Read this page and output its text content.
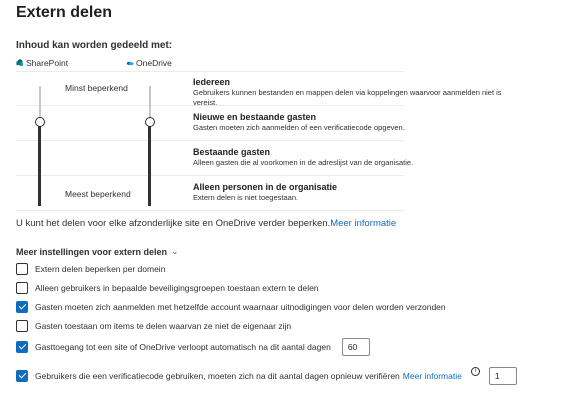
Extern delen
Inhoud kan worden gedeeld met:
SharePoint	OneDrive
Minst beperkend
Meest beperkend
Iedereen
Gebruikers kunnen bestanden en mappen delen via koppelingen waarvoor aanmelden niet is vereist.
Nieuwe en bestaande gasten
Gasten moeten zich aanmelden of een verificatiecode opgeven.
Bestaande gasten
Alleen gasten die al voorkomen in de adreslijst van de organisatie.
Alleen personen in de organisatie
Extern delen is niet toegestaan.
U kunt het delen voor elke afzonderlijke site en OneDrive verder beperken.Meer informatie
Meer instellingen voor extern delen ⌄
Extern delen beperken per domein
Alleen gebruikers in bepaalde beveiligingsgroepen toestaan extern te delen
Gasten moeten zich aanmelden met hetzelfde account waarnaar uitnodigingen voor delen worden verzonden
Gasten toestaan om items te delen waarvan ze niet de eigenaar zijn
Gasttoegang tot een site of OneDrive verloopt automatisch na dit aantal dagen	60
Gebruikers die een verificatiecode gebruiken, moeten zich na dit aantal dagen opnieuw verifiëren Meer informatie	i	1
